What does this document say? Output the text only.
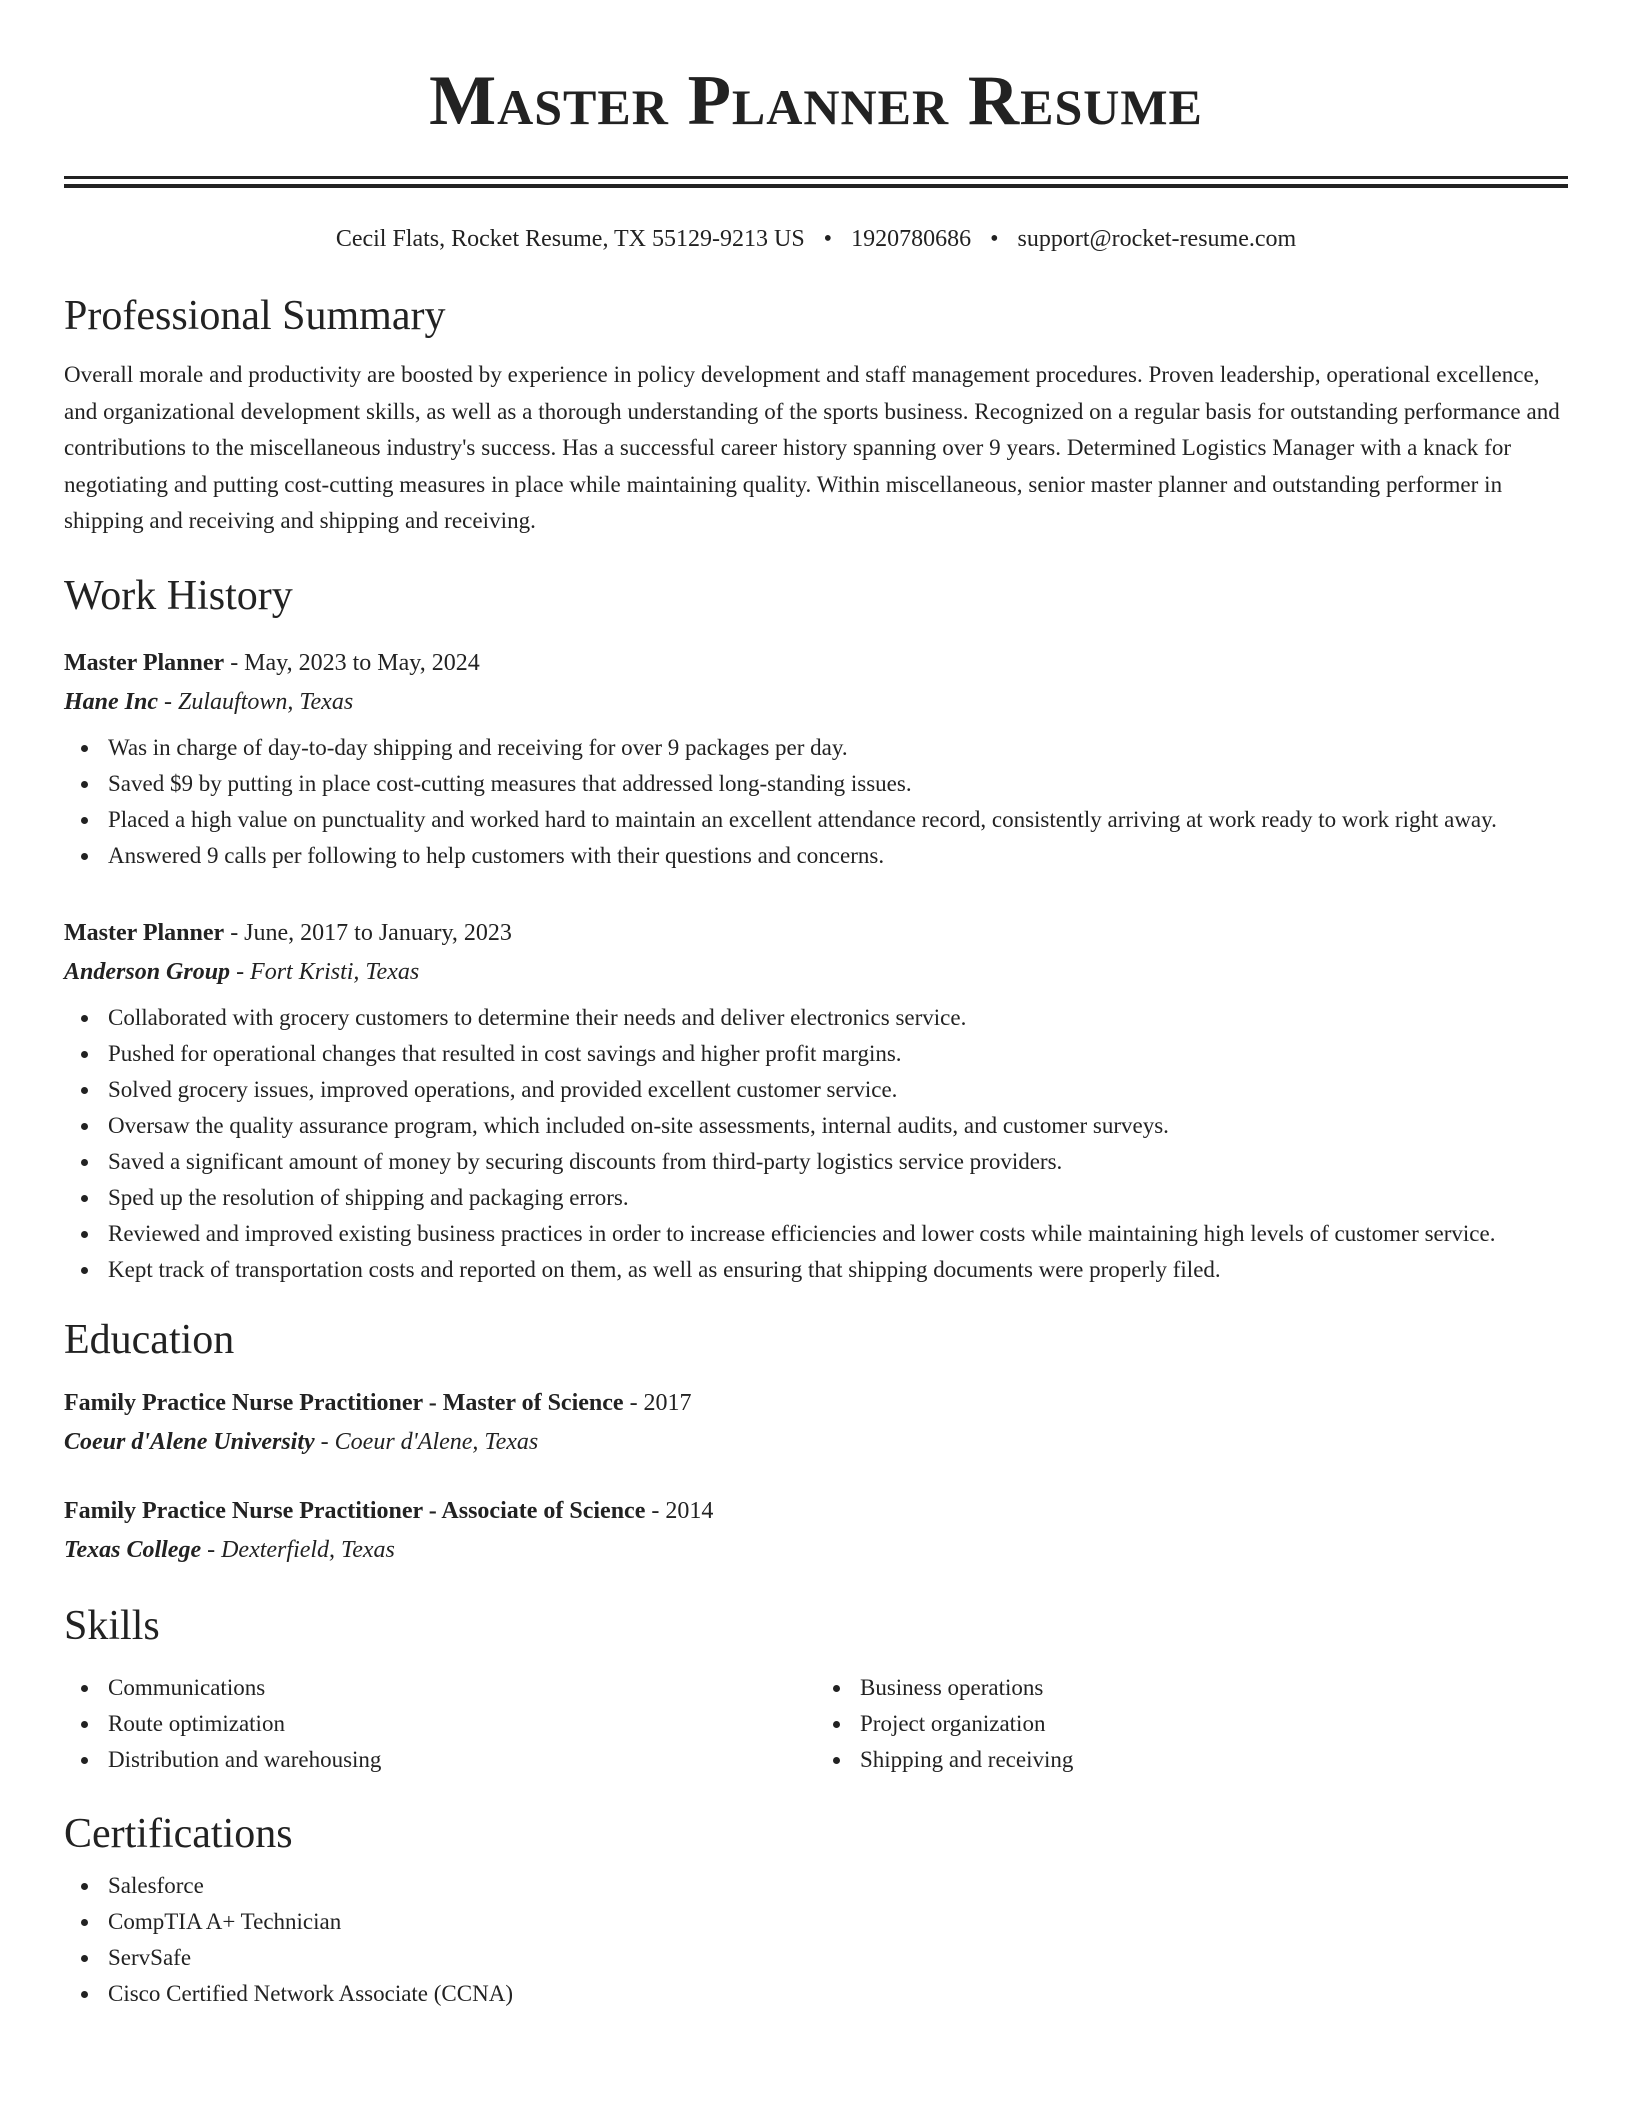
Master Planner Resume
Cecil Flats, Rocket Resume, TX 55129-9213 US • 1920780686 • support@rocket-resume.com
Professional Summary

Overall morale and productivity are boosted by experience in policy development and staff management procedures. Proven leadership, operational excellence, and organizational development skills, as well as a thorough understanding of the sports business. Recognized on a regular basis for outstanding performance and contributions to the miscellaneous industry's success. Has a successful career history spanning over 9 years. Determined Logistics Manager with a knack for negotiating and putting cost-cutting measures in place while maintaining quality. Within miscellaneous, senior master planner and outstanding performer in shipping and receiving and shipping and receiving.

Work History
Master Planner - May, 2023 to May, 2024
Hane Inc - Zulauftown, Texas
Was in charge of day-to-day shipping and receiving for over 9 packages per day.
Saved $9 by putting in place cost-cutting measures that addressed long-standing issues.
Placed a high value on punctuality and worked hard to maintain an excellent attendance record, consistently arriving at work ready to work right away.
Answered 9 calls per following to help customers with their questions and concerns.
Master Planner - June, 2017 to January, 2023
Anderson Group - Fort Kristi, Texas
Collaborated with grocery customers to determine their needs and deliver electronics service.
Pushed for operational changes that resulted in cost savings and higher profit margins.
Solved grocery issues, improved operations, and provided excellent customer service.
Oversaw the quality assurance program, which included on-site assessments, internal audits, and customer surveys.
Saved a significant amount of money by securing discounts from third-party logistics service providers.
Sped up the resolution of shipping and packaging errors.
Reviewed and improved existing business practices in order to increase efficiencies and lower costs while maintaining high levels of customer service.
Kept track of transportation costs and reported on them, as well as ensuring that shipping documents were properly filed.
Education
Family Practice Nurse Practitioner - Master of Science - 2017
Coeur d'Alene University - Coeur d'Alene, Texas
Family Practice Nurse Practitioner - Associate of Science - 2014
Texas College - Dexterfield, Texas
Skills
Communications
Route optimization
Distribution and warehousing
Business operations
Project organization
Shipping and receiving
Certifications
Salesforce
CompTIA A+ Technician
ServSafe
Cisco Certified Network Associate (CCNA)
